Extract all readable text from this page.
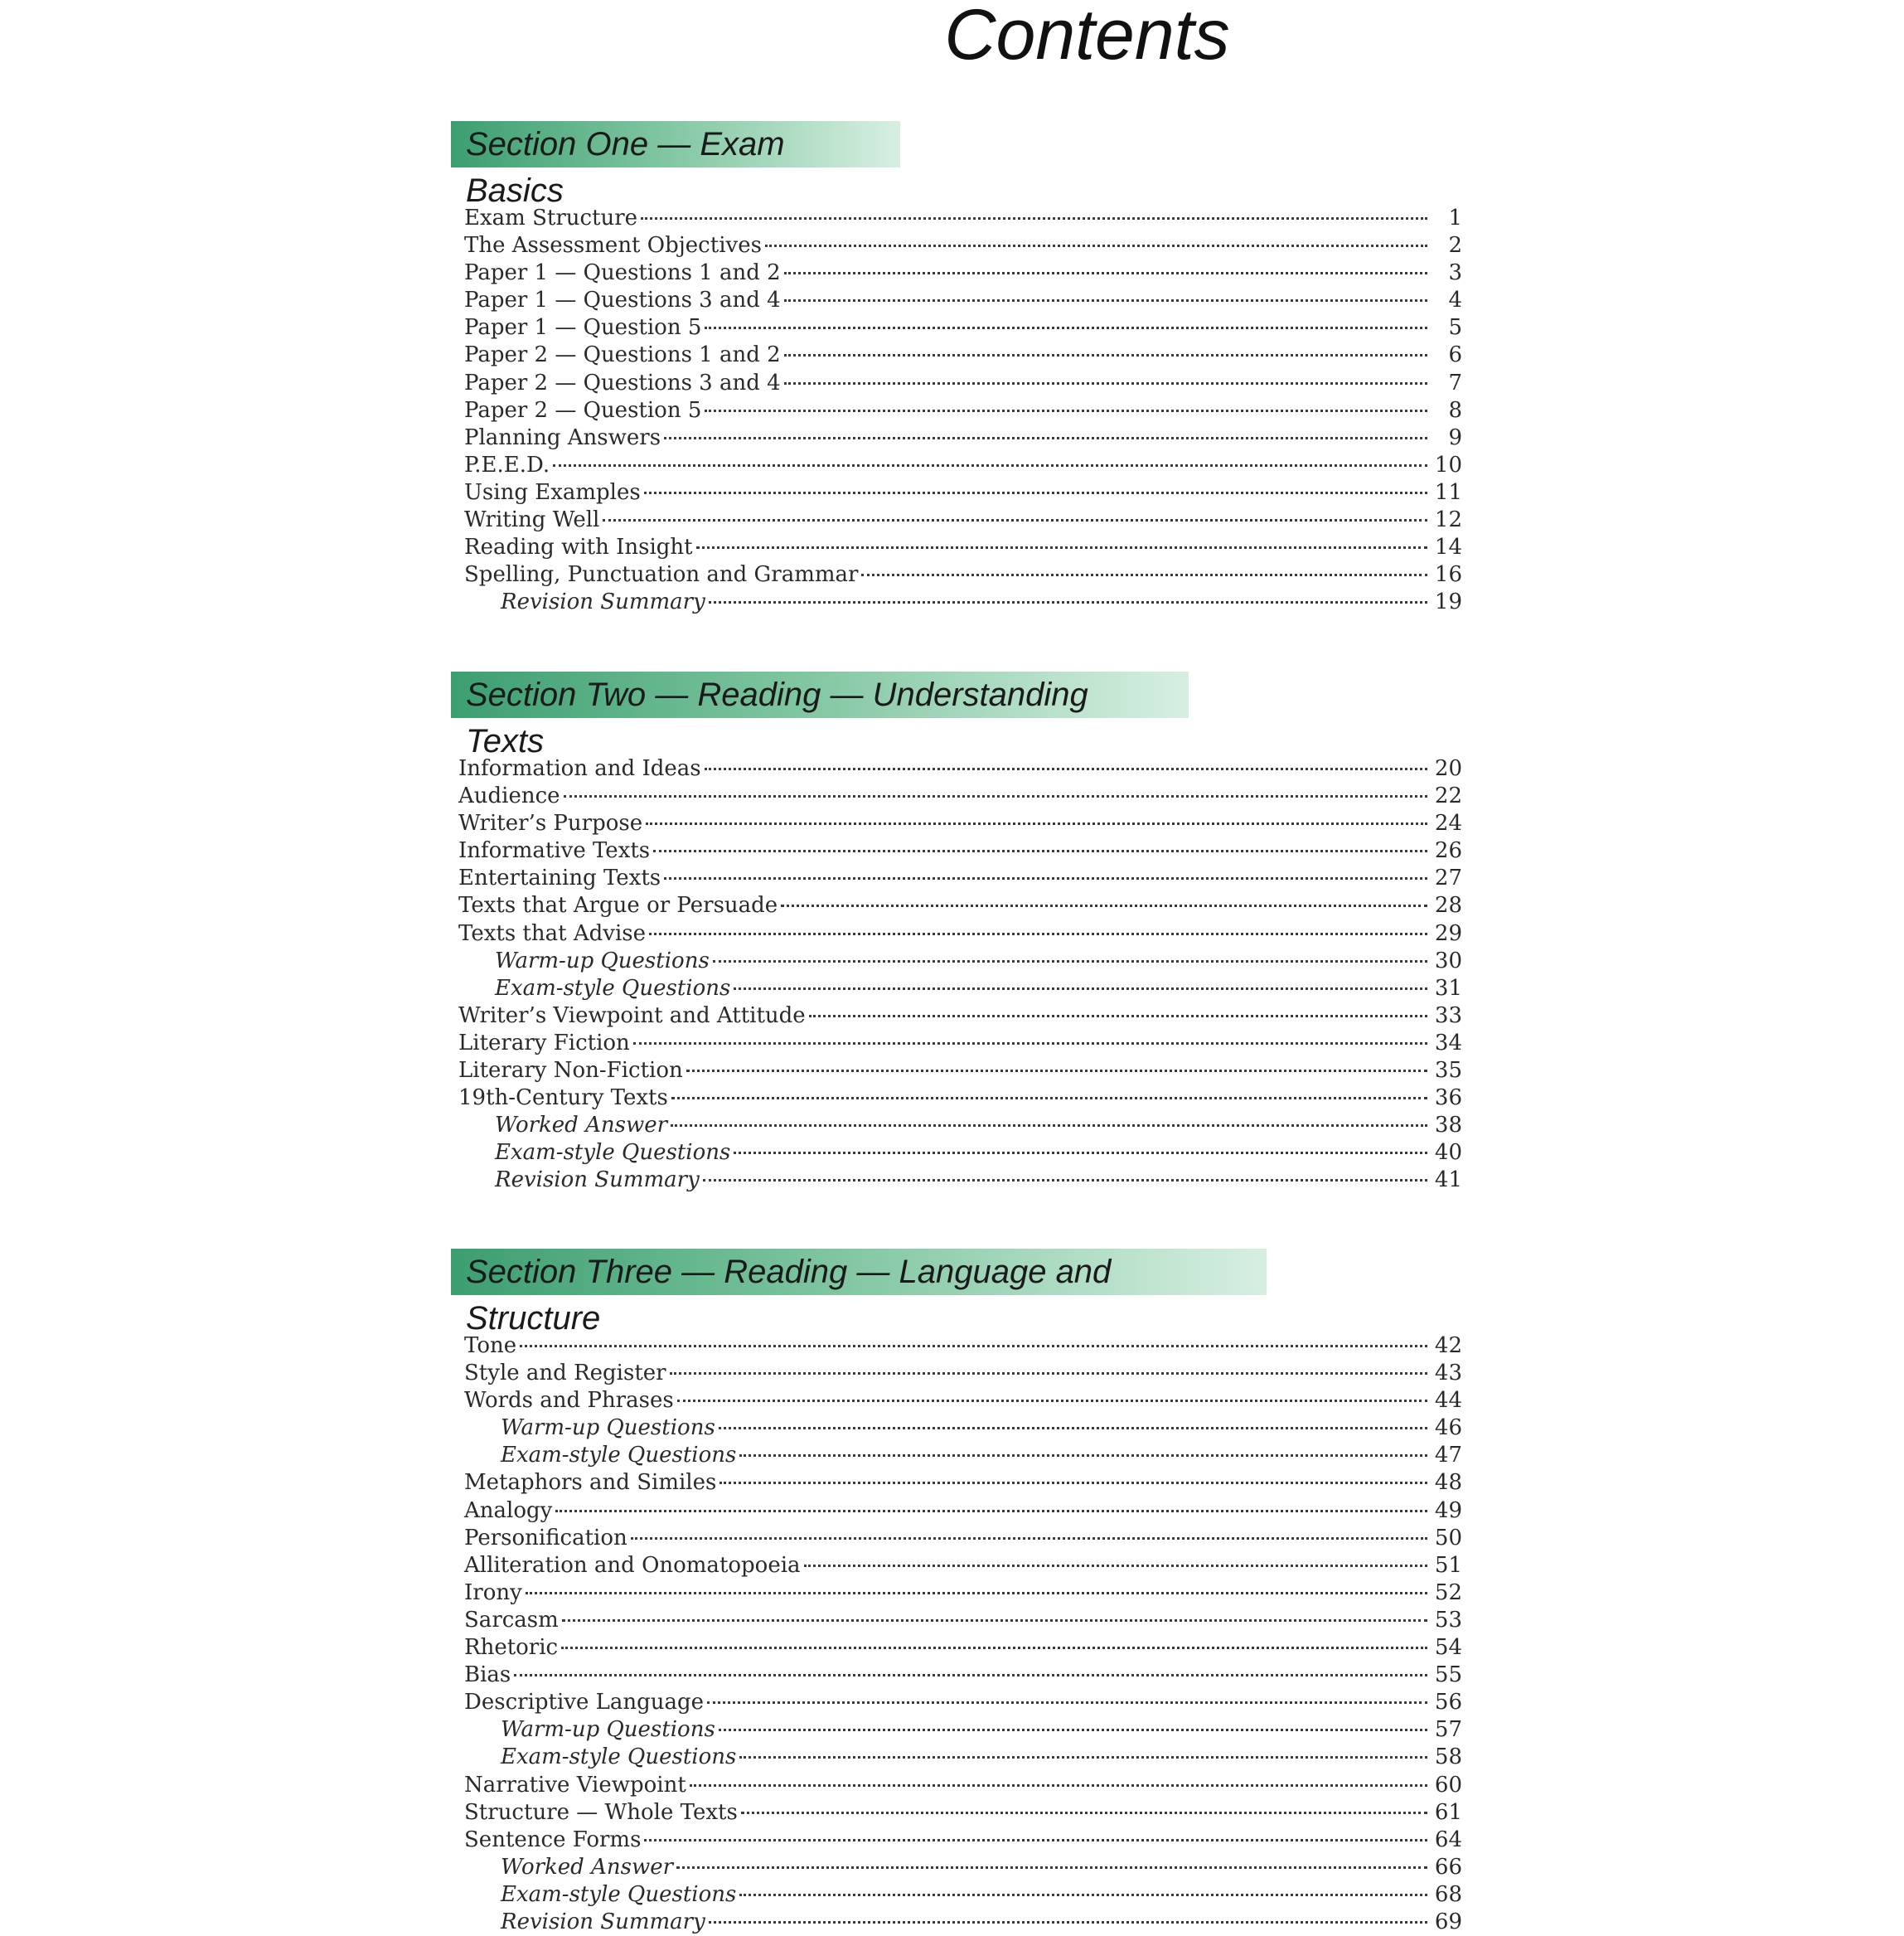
Contents
Section One — Exam Basics
Exam Structure	1
The Assessment Objectives	2
Paper 1 — Questions 1 and 2	3
Paper 1 — Questions 3 and 4	4
Paper 1 — Question 5	5
Paper 2 — Questions 1 and 2	6
Paper 2 — Questions 3 and 4	7
Paper 2 — Question 5	8
Planning Answers	9
P.E.E.D.	10
Using Examples	11
Writing Well	12
Reading with Insight	14
Spelling, Punctuation and Grammar	16
Revision Summary	19
Section Two — Reading — Understanding Texts
Information and Ideas	20
Audience	22
Writer’s Purpose	24
Informative Texts	26
Entertaining Texts	27
Texts that Argue or Persuade	28
Texts that Advise	29
Warm-up Questions	30
Exam-style Questions	31
Writer’s Viewpoint and Attitude	33
Literary Fiction	34
Literary Non-Fiction	35
19th-Century Texts	36
Worked Answer	38
Exam-style Questions	40
Revision Summary	41
Section Three — Reading — Language and Structure
Tone	42
Style and Register	43
Words and Phrases	44
Warm-up Questions	46
Exam-style Questions	47
Metaphors and Similes	48
Analogy	49
Personification	50
Alliteration and Onomatopoeia	51
Irony	52
Sarcasm	53
Rhetoric	54
Bias	55
Descriptive Language	56
Warm-up Questions	57
Exam-style Questions	58
Narrative Viewpoint	60
Structure — Whole Texts	61
Sentence Forms	64
Worked Answer	66
Exam-style Questions	68
Revision Summary	69
